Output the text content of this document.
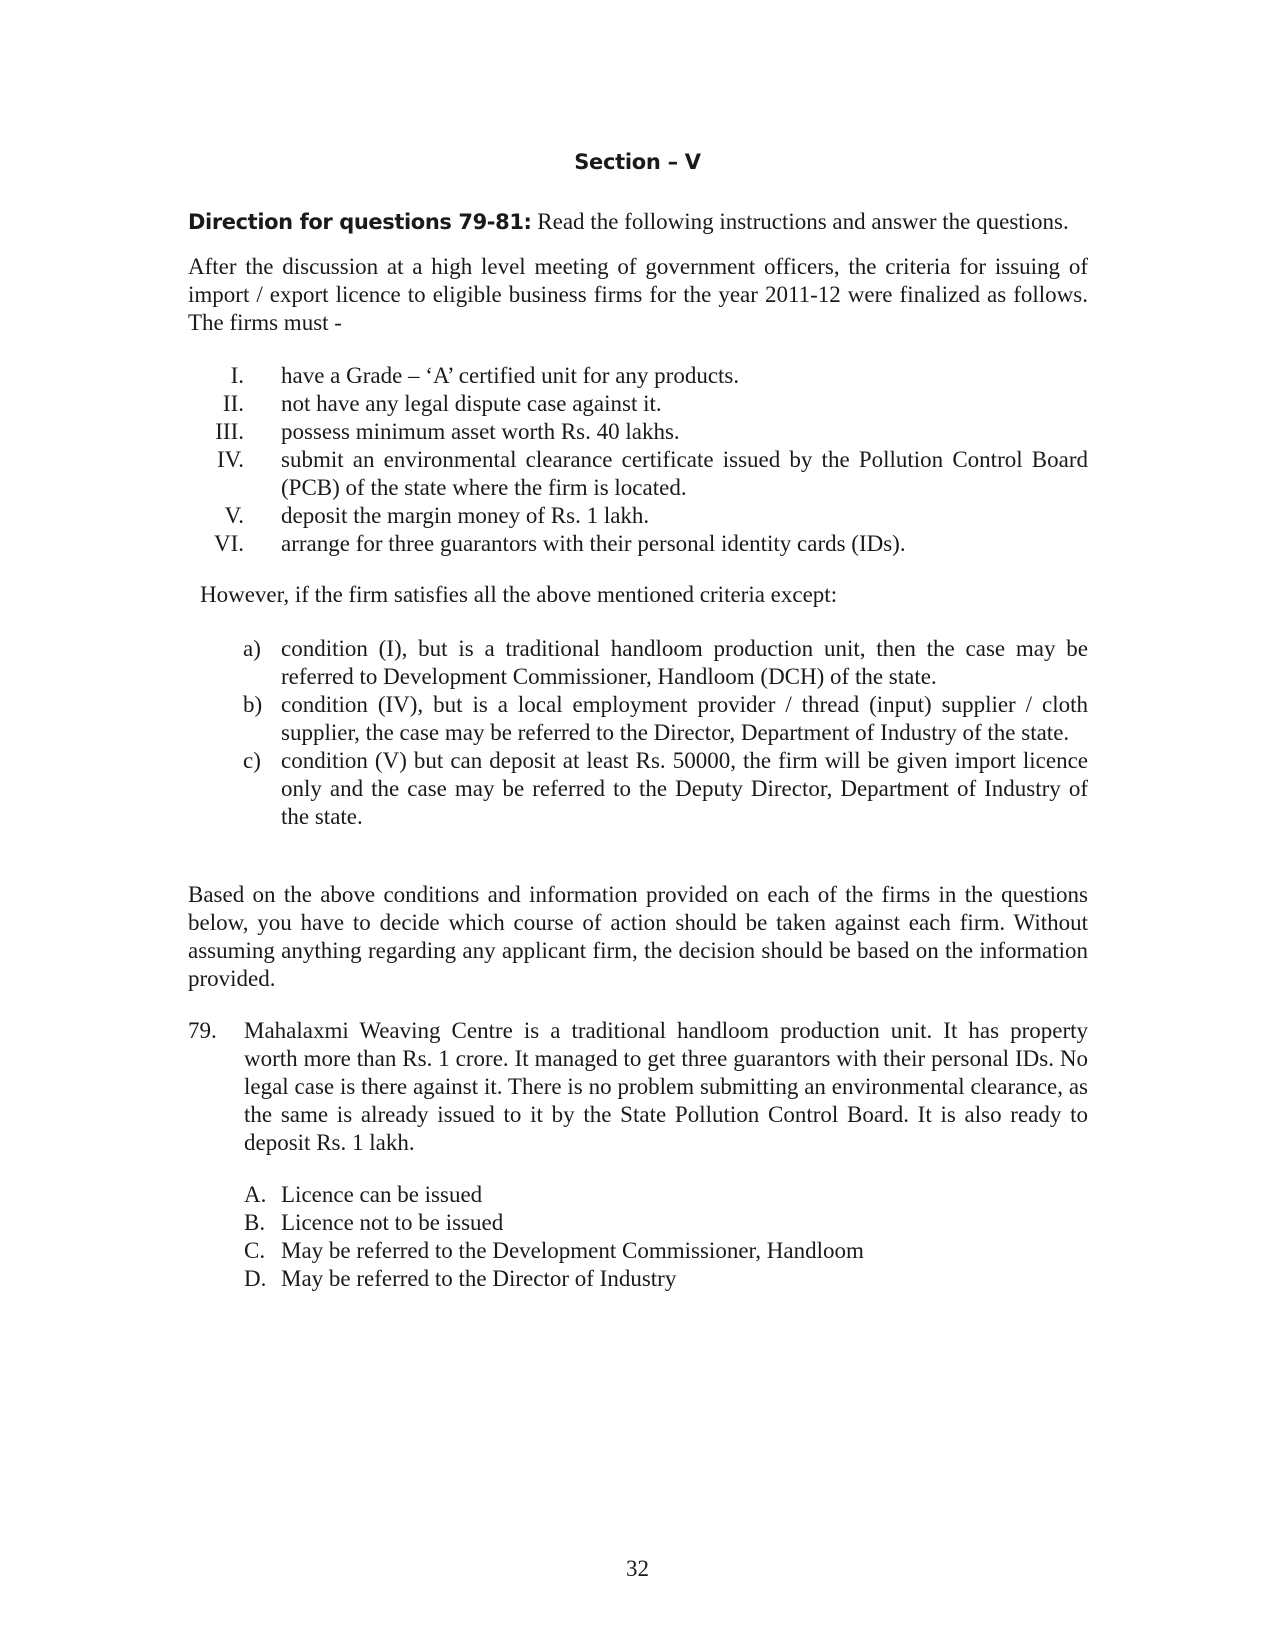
Section – V
Direction for questions 79-81: Read the following instructions and answer the questions.
After the discussion at a high level meeting of government officers, the criteria for issuing of import / export licence to eligible business firms for the year 2011-12 were finalized as follows. The firms must -
I. have a Grade – ‘A’ certified unit for any products.
II. not have any legal dispute case against it.
III. possess minimum asset worth Rs. 40 lakhs.
IV. submit an environmental clearance certificate issued by the Pollution Control Board (PCB) of the state where the firm is located.
V. deposit the margin money of Rs. 1 lakh.
VI. arrange for three guarantors with their personal identity cards (IDs).
However, if the firm satisfies all the above mentioned criteria except:
a) condition (I), but is a traditional handloom production unit, then the case may be referred to Development Commissioner, Handloom (DCH) of the state.
b) condition (IV), but is a local employment provider / thread (input) supplier / cloth supplier, the case may be referred to the Director, Department of Industry of the state.
c) condition (V) but can deposit at least Rs. 50000, the firm will be given import licence only and the case may be referred to the Deputy Director, Department of Industry of the state.
Based on the above conditions and information provided on each of the firms in the questions below, you have to decide which course of action should be taken against each firm. Without assuming anything regarding any applicant firm, the decision should be based on the information provided.
79. Mahalaxmi Weaving Centre is a traditional handloom production unit. It has property worth more than Rs. 1 crore. It managed to get three guarantors with their personal IDs. No legal case is there against it. There is no problem submitting an environmental clearance, as the same is already issued to it by the State Pollution Control Board. It is also ready to deposit Rs. 1 lakh.
A. Licence can be issued
B. Licence not to be issued
C. May be referred to the Development Commissioner, Handloom
D. May be referred to the Director of Industry
32
